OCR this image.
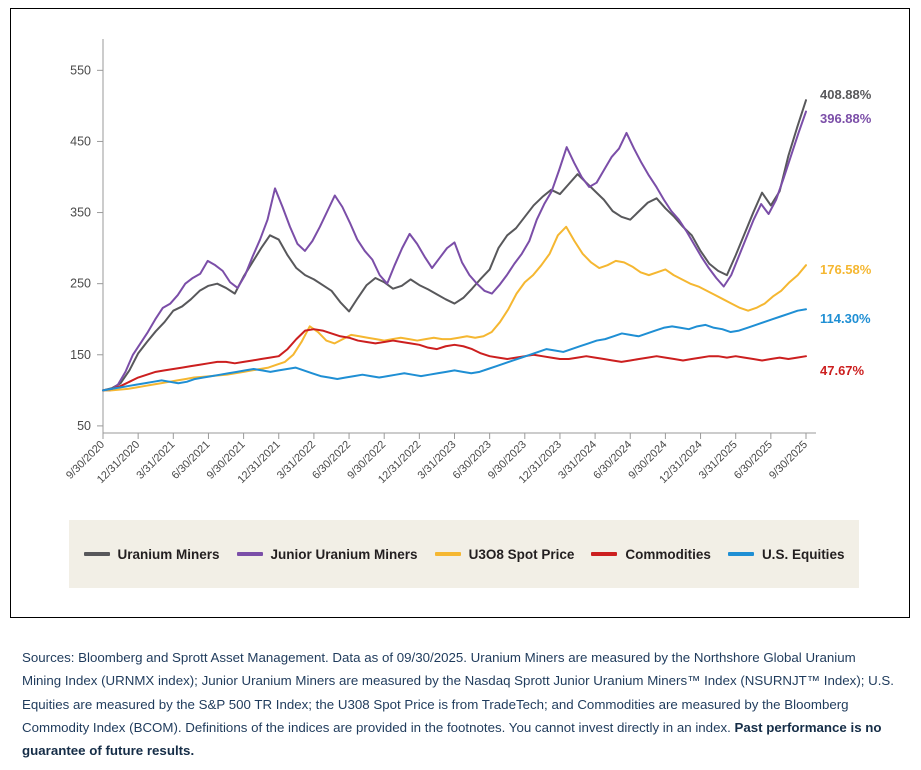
50
150
250
350
450
550
9/30/2020
12/31/2020
3/31/2021
6/30/2021
9/30/2021
12/31/2021
3/31/2022
6/30/2022
9/30/2022
12/31/2022
3/31/2023
6/30/2023
9/30/2023
12/31/2023
3/31/2024
6/30/2024
9/30/2024
12/31/2024
3/31/2025
6/30/2025
9/30/2025
408.88%
396.88%
176.58%
114.30%
47.67%
Uranium Miners	Junior Uranium Miners	U3O8 Spot Price	Commodities	U.S. Equities
Sources: Bloomberg and Sprott Asset Management. Data as of 09/30/2025. Uranium Miners are measured by the Northshore Global Uranium Mining Index (URNMX index); Junior Uranium Miners are measured by the Nasdaq Sprott Junior Uranium Miners™ Index (NSURNJT™ Index); U.S. Equities are measured by the S&P 500 TR Index; the U308 Spot Price is from TradeTech; and Commodities are measured by the Bloomberg Commodity Index (BCOM). Definitions of the indices are provided in the footnotes. You cannot invest directly in an index. Past performance is no guarantee of future results.
